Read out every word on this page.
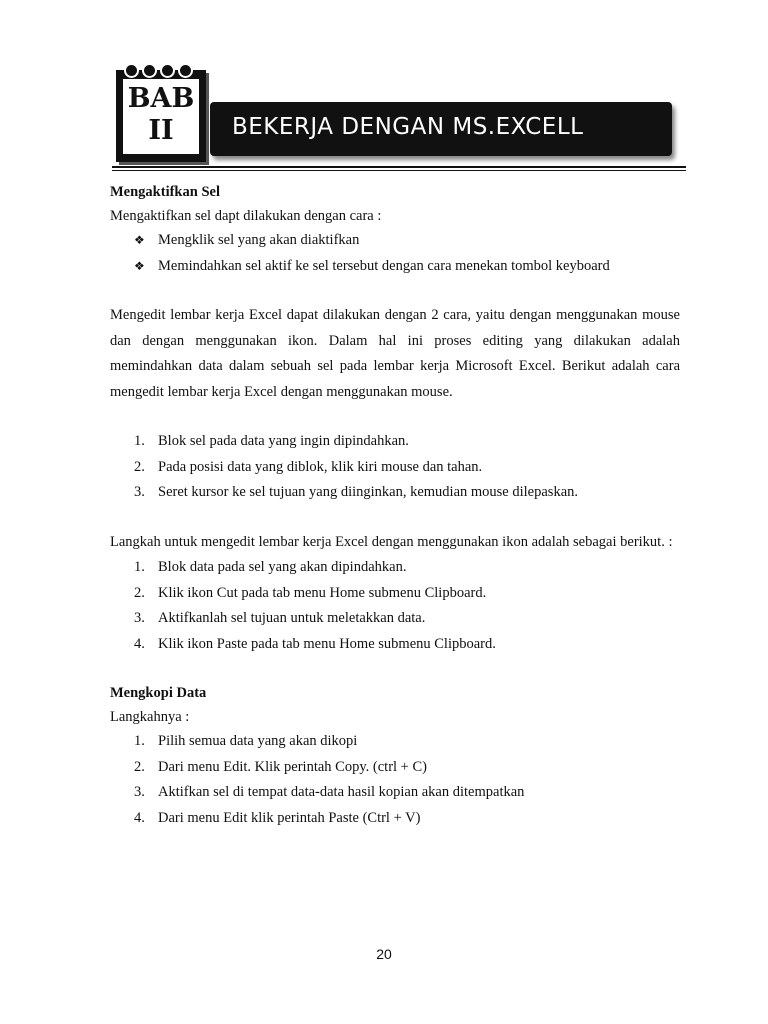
BAB
II	BEKERJA DENGAN MS.EXCELL

Mengaktifkan Sel

Mengaktifkan sel dapt dilakukan dengan cara :

❖ Mengklik sel yang akan diaktifkan
❖ Memindahkan sel aktif ke sel tersebut dengan cara menekan tombol keyboard

Mengedit lembar kerja Excel dapat dilakukan dengan 2 cara, yaitu dengan menggunakan mouse dan dengan menggunakan ikon. Dalam hal ini proses editing yang dilakukan adalah memindahkan data dalam sebuah sel pada lembar kerja Microsoft Excel. Berikut adalah cara mengedit lembar kerja Excel dengan menggunakan mouse.

1. Blok sel pada data yang ingin dipindahkan.
2. Pada posisi data yang diblok, klik kiri mouse dan tahan.
3. Seret kursor ke sel tujuan yang diinginkan, kemudian mouse dilepaskan.

Langkah untuk mengedit lembar kerja Excel dengan menggunakan ikon adalah sebagai berikut. :

1. Blok data pada sel yang akan dipindahkan.
2. Klik ikon Cut pada tab menu Home submenu Clipboard.
3. Aktifkanlah sel tujuan untuk meletakkan data.
4. Klik ikon Paste pada tab menu Home submenu Clipboard.

Mengkopi Data

Langkahnya :

1. Pilih semua data yang akan dikopi
2. Dari menu Edit. Klik perintah Copy. (ctrl + C)
3. Aktifkan sel di tempat data-data hasil kopian akan ditempatkan
4. Dari menu Edit klik perintah Paste (Ctrl + V)
20
